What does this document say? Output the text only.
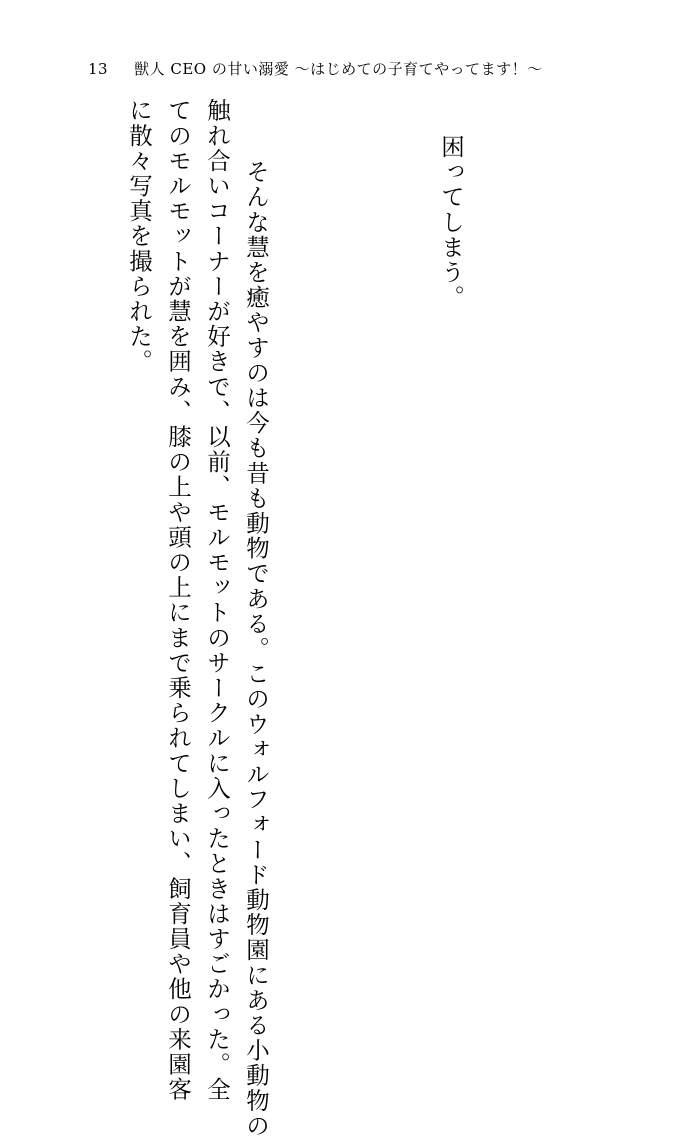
13 獣人 CEO の甘い溺愛 ～はじめての子育てやってます！～

困ってしまう。

　そんな慧を癒やすのは今も昔も動物である。このウォルフォード動物園にある小動物の
触れ合いコーナーが好きで、以前、モルモットのサークルに入ったときはすごかった。全
てのモルモットが慧を囲み、膝の上や頭の上にまで乗られてしまい、飼育員や他の来園客
に散々写真を撮られた。
